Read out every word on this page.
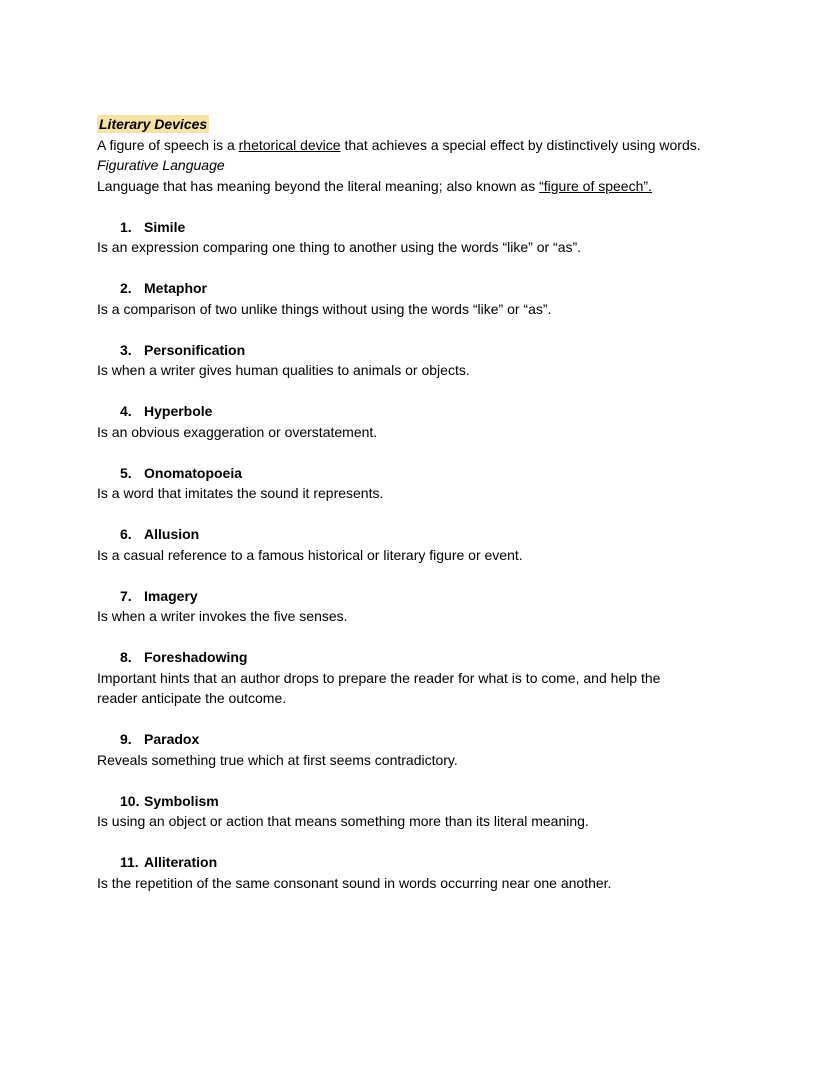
Literary Devices

A figure of speech is a rhetorical device that achieves a special effect by distinctively using words.

Figurative Language

Language that has meaning beyond the literal meaning; also known as “figure of speech”.

1. Simile

Is an expression comparing one thing to another using the words “like” or “as”.

2. Metaphor

Is a comparison of two unlike things without using the words “like” or “as”.

3. Personification

Is when a writer gives human qualities to animals or objects.

4. Hyperbole

Is an obvious exaggeration or overstatement.

5. Onomatopoeia

Is a word that imitates the sound it represents.

6. Allusion

Is a casual reference to a famous historical or literary figure or event.

7. Imagery

Is when a writer invokes the five senses.

8. Foreshadowing

Important hints that an author drops to prepare the reader for what is to come, and help the reader anticipate the outcome.

9. Paradox

Reveals something true which at first seems contradictory.

10. Symbolism

Is using an object or action that means something more than its literal meaning.

11. Alliteration

Is the repetition of the same consonant sound in words occurring near one another.
